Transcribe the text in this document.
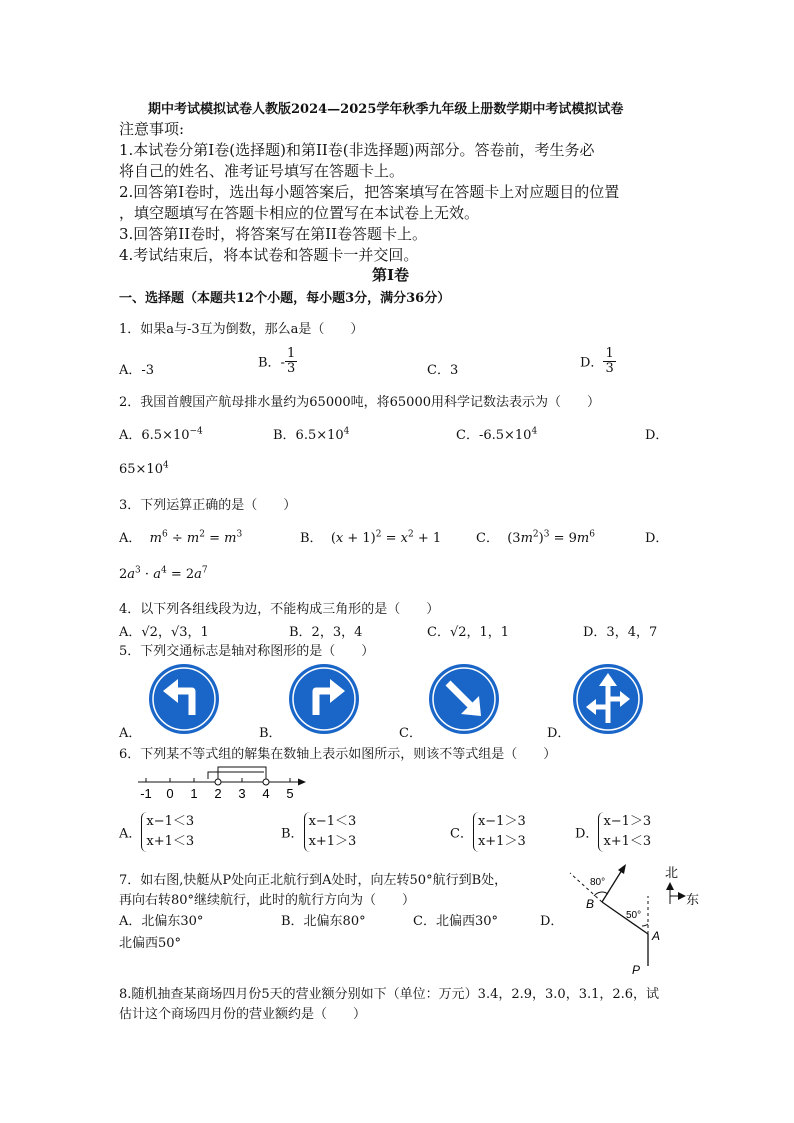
期中考试模拟试卷人教版2024—2025学年秋季九年级上册数学期中考试模拟试卷
注意事项:
1.本试卷分第I卷(选择题)和第II卷(非选择题)两部分。答卷前，考生务必
将自己的姓名、准考证号填写在答题卡上。
2.回答第I卷时，选出每小题答案后，把答案填写在答题卡上对应题目的位置
，填空题填写在答题卡相应的位置写在本试卷上无效。
3.回答第II卷时，将答案写在第II卷答题卡上。
4.考试结束后，将本试卷和答题卡一并交回。
第I卷
一、选择题（本题共12个小题，每小题3分，满分36分）
1．如果a与-3互为倒数，那么a是（　　）
A．-3	B．- $\frac{1}{3}$	C．3	D． $\frac{1}{3}$
2．我国首艘国产航母排水量约为65000吨，将65000用科学记数法表示为（　　）
A．$6.5\times 10^{-4}$	B．$6.5\times 10^4$	C．$-6.5\times 10^4$	D．
$65\times 10^4$
3．下列运算正确的是（　　）
A． $m^6 \div m^2 = m^3$	B．  $(x + 1)^2 = x^2 + 1$	C．  $(3m^2)^3 = 9m^6$	D．
$2a^3 \cdot a^4 = 2a^7$
4．以下列各组线段为边，不能构成三角形的是（　　）
A．√2，√3，1	B．2，3，4	C．√2，1，1	D．3，4，7
5．下列交通标志是轴对称图形的是（　　）
A．	B．	C．	D．
6．下列某不等式组的解集在数轴上表示如图所示，则该不等式组是（　　）
-1 0 1 2 3 4 5
A．
x−1＜3
x+1＜3	B．
x−1＜3
x+1＞3	C．
x−1＞3
x+1＞3	D．
x−1＞3
x+1＜3
7．如右图,快艇从P处向正北航行到A处时，向左转50°航行到B处，
再向右转80°继续航行，此时的航行方向为（　　）
A．北偏东30°	B．北偏东80°	C．北偏西30°	D．
北偏西50°
北
东
80°
50°
P
A
B
8.随机抽查某商场四月份5天的营业额分别如下（单位：万元）3.4，2.9，3.0，3.1，2.6，试
估计这个商场四月份的营业额约是（　　）
